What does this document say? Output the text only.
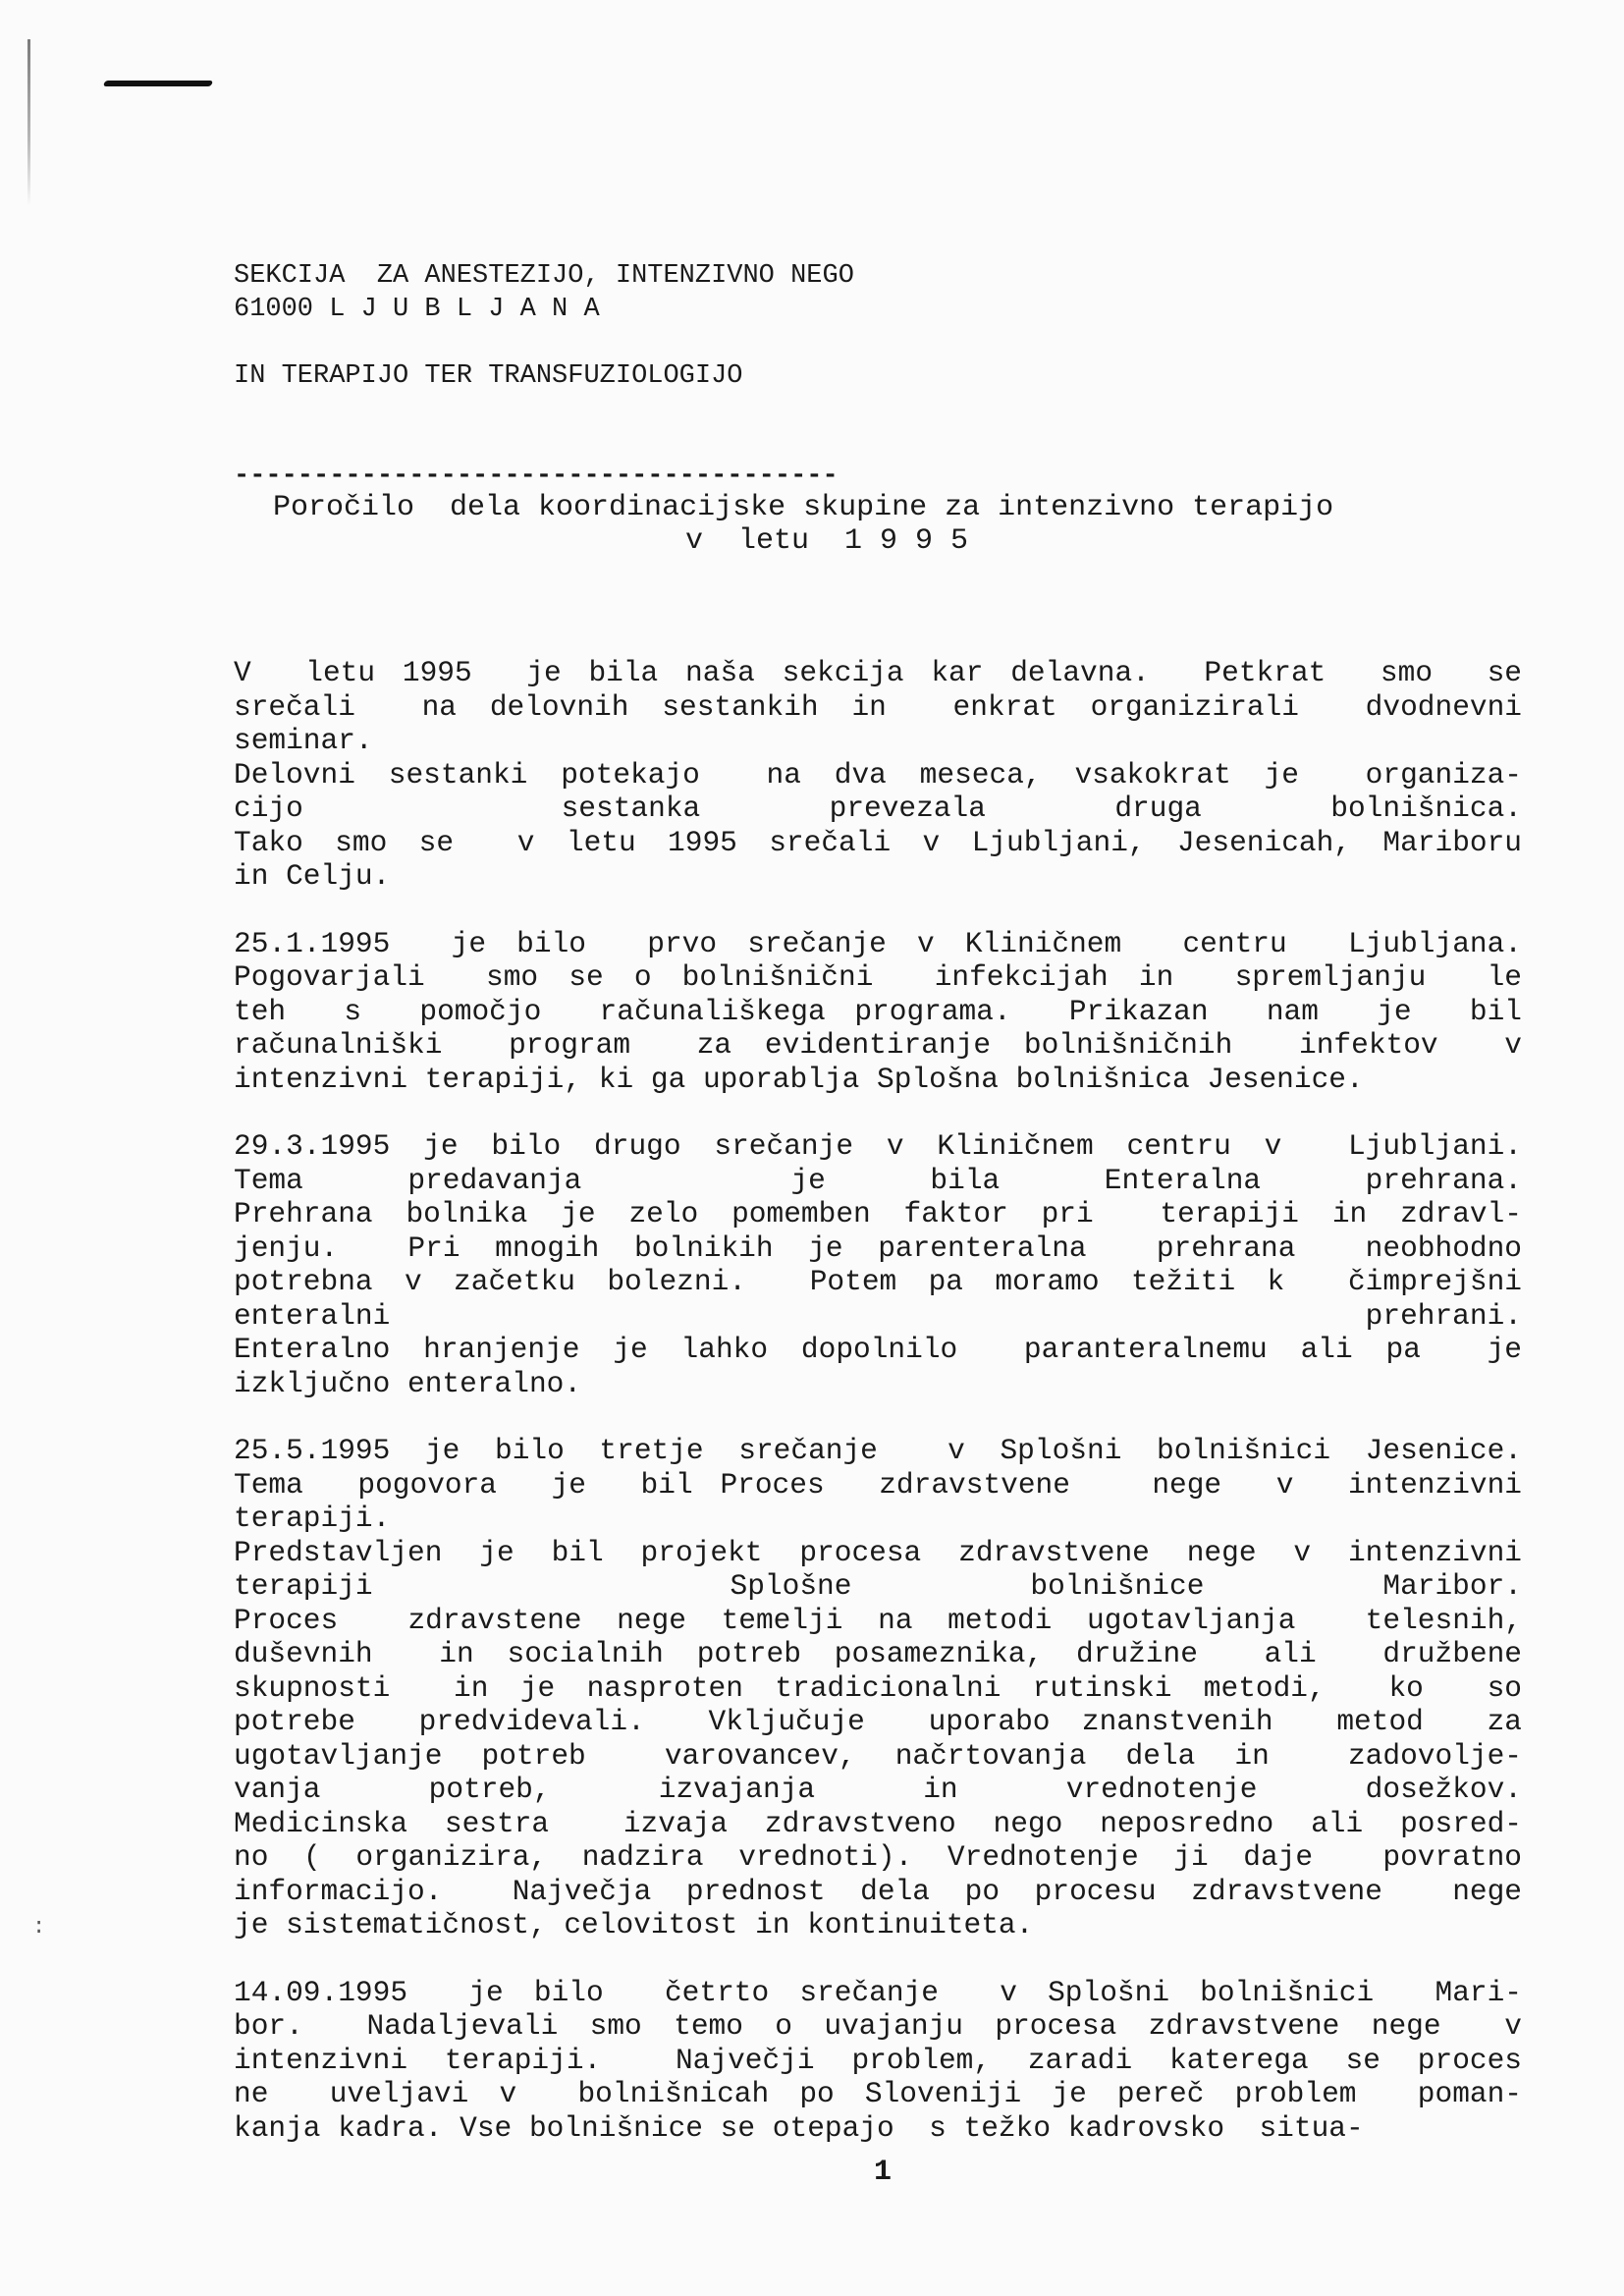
:

SEKCIJA  ZA ANESTEZIJO, INTENZIVNO NEGO

IN TERAPIJO TER TRANSFUZIOLOGIJO

--------------------------------------

61000 L J U B L J A N A
Poročilo  dela koordinacijske skupine za intenzivno terapijo
v  letu  1 9 9 5
V  letu 1995  je bila naša sekcija kar delavna.  Petkrat  smo  se
srečali  na delovnih sestankih in  enkrat organizirali  dvodnevni
seminar.
Delovni sestanki potekajo  na dva meseca, vsakokrat je  organiza-
cijo  sestanka prevezala druga bolnišnica.
Tako smo se  v letu 1995 srečali v Ljubljani, Jesenicah, Mariboru
in Celju.
25.1.1995  je bilo  prvo srečanje v Kliničnem  centru  Ljubljana.
Pogovarjali  smo se o bolnišnični  infekcijah in  spremljanju  le
teh  s  pomočjo  računališkega programa.  Prikazan  nam  je  bil
računalniški  program  za evidentiranje bolnišničnih  infektov  v
intenzivni terapiji, ki ga uporablja Splošna bolnišnica Jesenice.
29.3.1995 je bilo drugo srečanje v Kliničnem centru v  Ljubljani.
Tema predavanja  je bila Enteralna prehrana.
Prehrana bolnika je zelo pomemben faktor pri  terapiji in zdravl-
jenju.  Pri mnogih bolnikih je parenteralna  prehrana  neobhodno
potrebna v začetku bolezni.  Potem pa moramo težiti k  čimprejšni
enteralni prehrani.
Enteralno hranjenje je lahko dopolnilo  paranteralnemu ali pa  je
izključno enteralno.
25.5.1995 je bilo tretje srečanje  v Splošni bolnišnici Jesenice.
Tema  pogovora  je  bil Proces  zdravstvene   nege  v  intenzivni
terapiji.
Predstavljen je bil projekt procesa zdravstvene nege v intenzivni
terapiji  Splošne bolnišnice Maribor.
Proces  zdravstene nege temelji na metodi ugotavljanja  telesnih,
duševnih  in socialnih potreb posameznika, družine  ali  družbene
skupnosti  in je nasproten tradicionalni rutinski metodi,  ko  so
potrebe  predvidevali.  Vključuje  uporabo znanstvenih  metod  za
ugotavljanje potreb  varovancev, načrtovanja dela in  zadovolje-
vanja potreb, izvajanja in vrednotenje dosežkov.
Medicinska sestra  izvaja zdravstveno nego neposredno ali posred-
no ( organizira, nadzira vrednoti). Vrednotenje ji daje  povratno
informacijo.  Največja prednost dela po procesu zdravstvene  nege
je sistematičnost, celovitost in kontinuiteta.
14.09.1995  je bilo  četrto srečanje  v Splošni bolnišnici  Mari-
bor.  Nadaljevali smo temo o uvajanju procesa zdravstvene nege  v
intenzivni terapiji.  Največji problem, zaradi katerega se proces
ne  uveljavi v  bolnišnicah po Sloveniji je pereč problem  poman-
kanja kadra. Vse bolnišnice se otepajo  s težko kadrovsko  situa-
1
